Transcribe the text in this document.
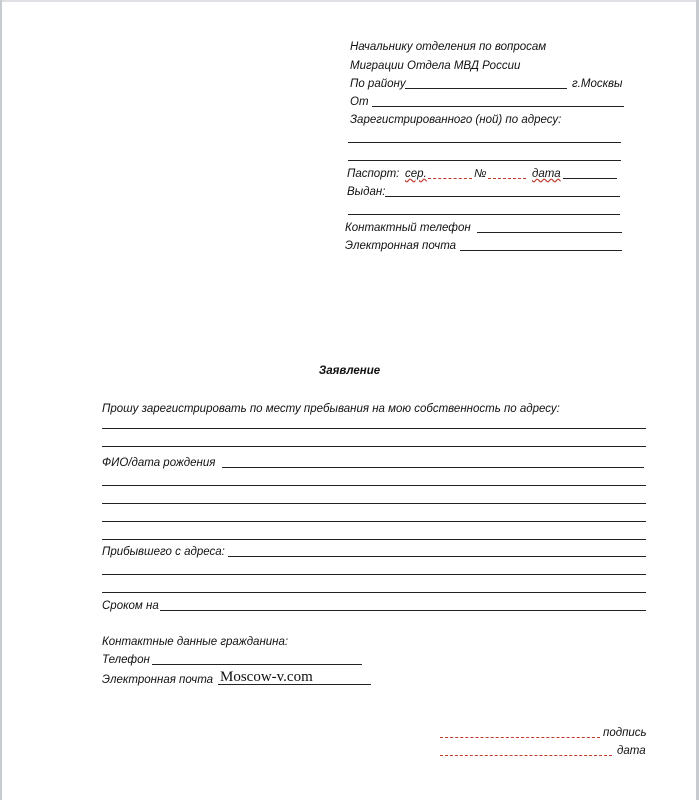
Начальнику отделения по вопросам
Миграции Отдела МВД России
По району	г.Москвы
От
Зарегистрированного (ной) по адресу:
Паспорт: сер.	№	дата
Выдан:
Контактный телефон
Электронная почта
Заявление
Прошу зарегистрировать по месту пребывания на мою собственность по адресу:
ФИО/дата рождения
Прибывшего с адреса:
Сроком на
Контактные данные гражданина:
Телефон
Электронная почта Moscow-v.com
подпись
дата
